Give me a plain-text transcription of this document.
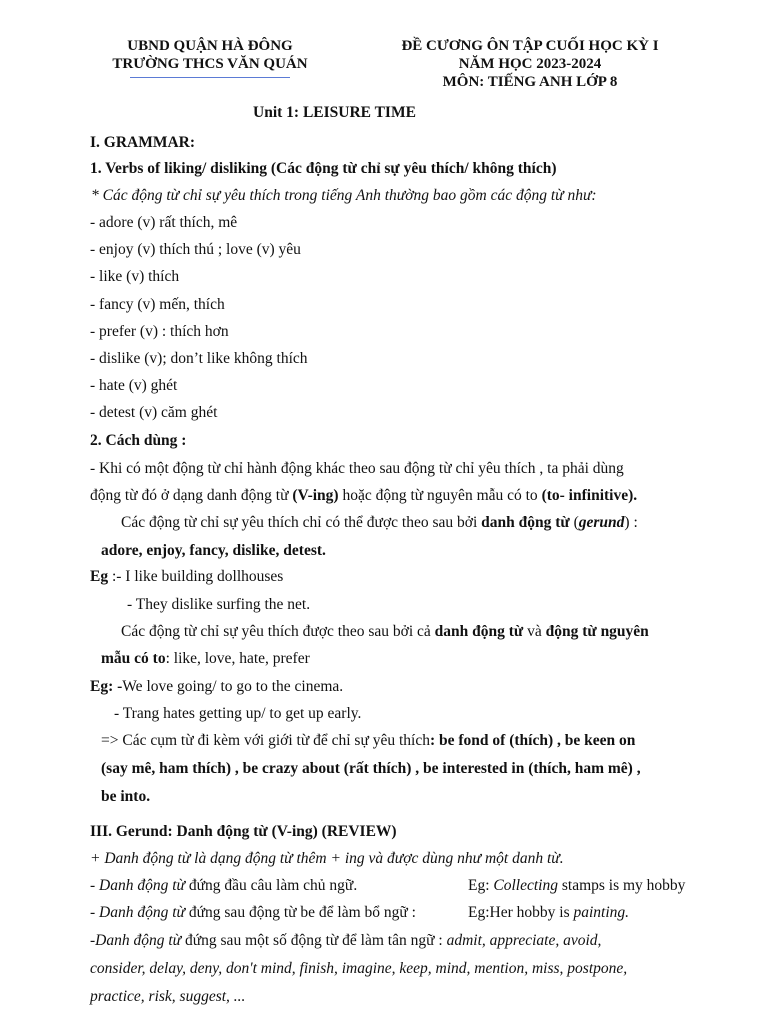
UBND QUẬN HÀ ĐÔNG
TRƯỜNG THCS VĂN QUÁN
ĐỀ CƯƠNG ÔN TẬP CUỐI HỌC KỲ I
NĂM HỌC 2023-2024
MÔN: TIẾNG ANH LỚP 8
Unit 1: LEISURE TIME
I. GRAMMAR:
1. Verbs of liking/ disliking (Các động từ chỉ sự yêu thích/ không thích)
* Các động từ chỉ sự yêu thích trong tiếng Anh thường bao gồm các động từ như:
- adore (v) rất thích, mê
- enjoy (v) thích thú ; love (v) yêu
- like (v) thích
- fancy (v) mến, thích
- prefer (v) : thích hơn
- dislike (v); don’t like không thích
- hate (v) ghét
- detest (v) căm ghét
2. Cách dùng :
- Khi có một động từ chỉ hành động khác theo sau động từ chỉ yêu thích , ta phải dùng
động từ đó ở dạng danh động từ (V-ing) hoặc động từ nguyên mẫu có to (to- infinitive).
Các động từ chỉ sự yêu thích chỉ có thể được theo sau bởi danh động từ (gerund) :
adore, enjoy, fancy, dislike, detest.
Eg :- I like building dollhouses
- They dislike surfing the net.
Các động từ chỉ sự yêu thích được theo sau bởi cả danh động từ và động từ nguyên
mẫu có to: like, love, hate, prefer
Eg: -We love going/ to go to the cinema.
- Trang hates getting up/ to get up early.
=> Các cụm từ đi kèm với giới từ để chỉ sự yêu thích: be fond of (thích) , be keen on
(say mê, ham thích) , be crazy about (rất thích) , be interested in (thích, ham mê) ,
be into.
III. Gerund: Danh động từ (V-ing) (REVIEW)
+ Danh động từ là dạng động từ thêm + ing và được dùng như một danh từ.
- Danh động từ đứng đầu câu làm chủ ngữ.	Eg: Collecting stamps is my hobby
- Danh động từ đứng sau động từ be để làm bổ ngữ :	Eg:Her hobby is painting.
-Danh động từ đứng sau một số động từ để làm tân ngữ : admit, appreciate, avoid,
consider, delay, deny, don't mind, finish, imagine, keep, mind, mention, miss, postpone,
practice, risk, suggest, ...
